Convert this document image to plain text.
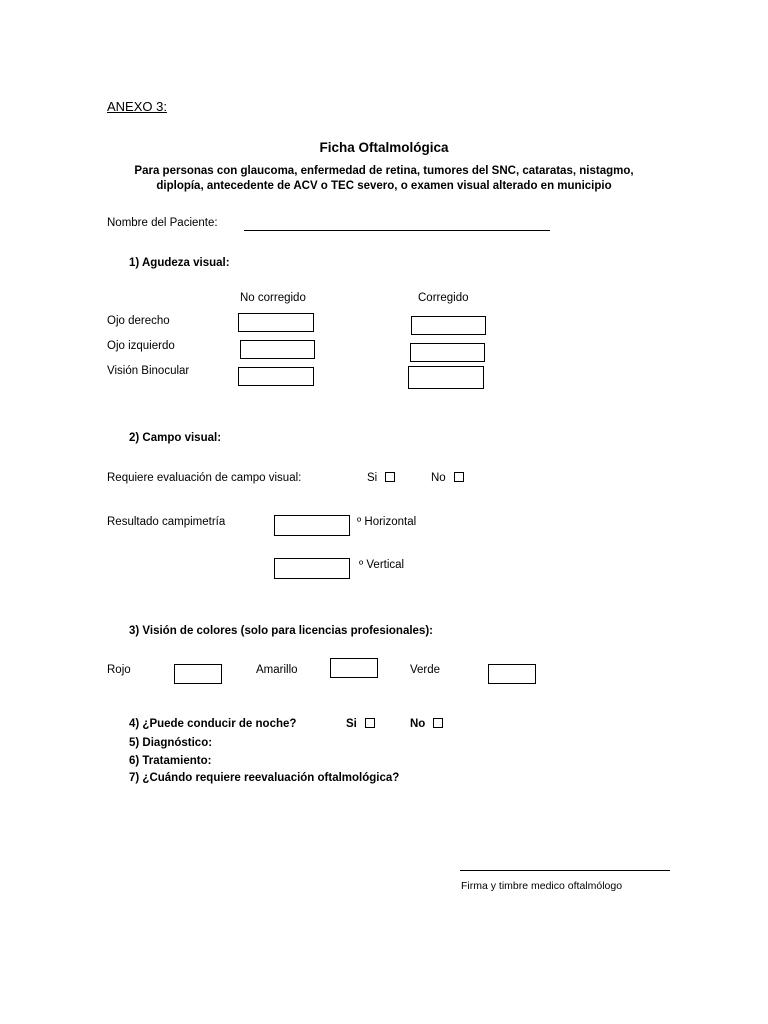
ANEXO 3:
Ficha Oftalmológica
Para personas con glaucoma, enfermedad de retina, tumores del SNC, cataratas, nistagmo,
diplopía, antecedente de ACV o TEC severo, o examen visual alterado en municipio
Nombre del Paciente:
1) Agudeza visual:
No corregido	Corregido
Ojo derecho
Ojo izquierdo
Visión Binocular
2) Campo visual:
Requiere evaluación de campo visual:	Si	No
Resultado campimetría	º Horizontal
º Vertical
3) Visión de colores (solo para licencias profesionales):
Rojo	Amarillo	Verde
4) ¿Puede conducir de noche?	Si	No
5) Diagnóstico:
6) Tratamiento:
7) ¿Cuándo requiere reevaluación oftalmológica?
Firma y timbre medico oftalmólogo
